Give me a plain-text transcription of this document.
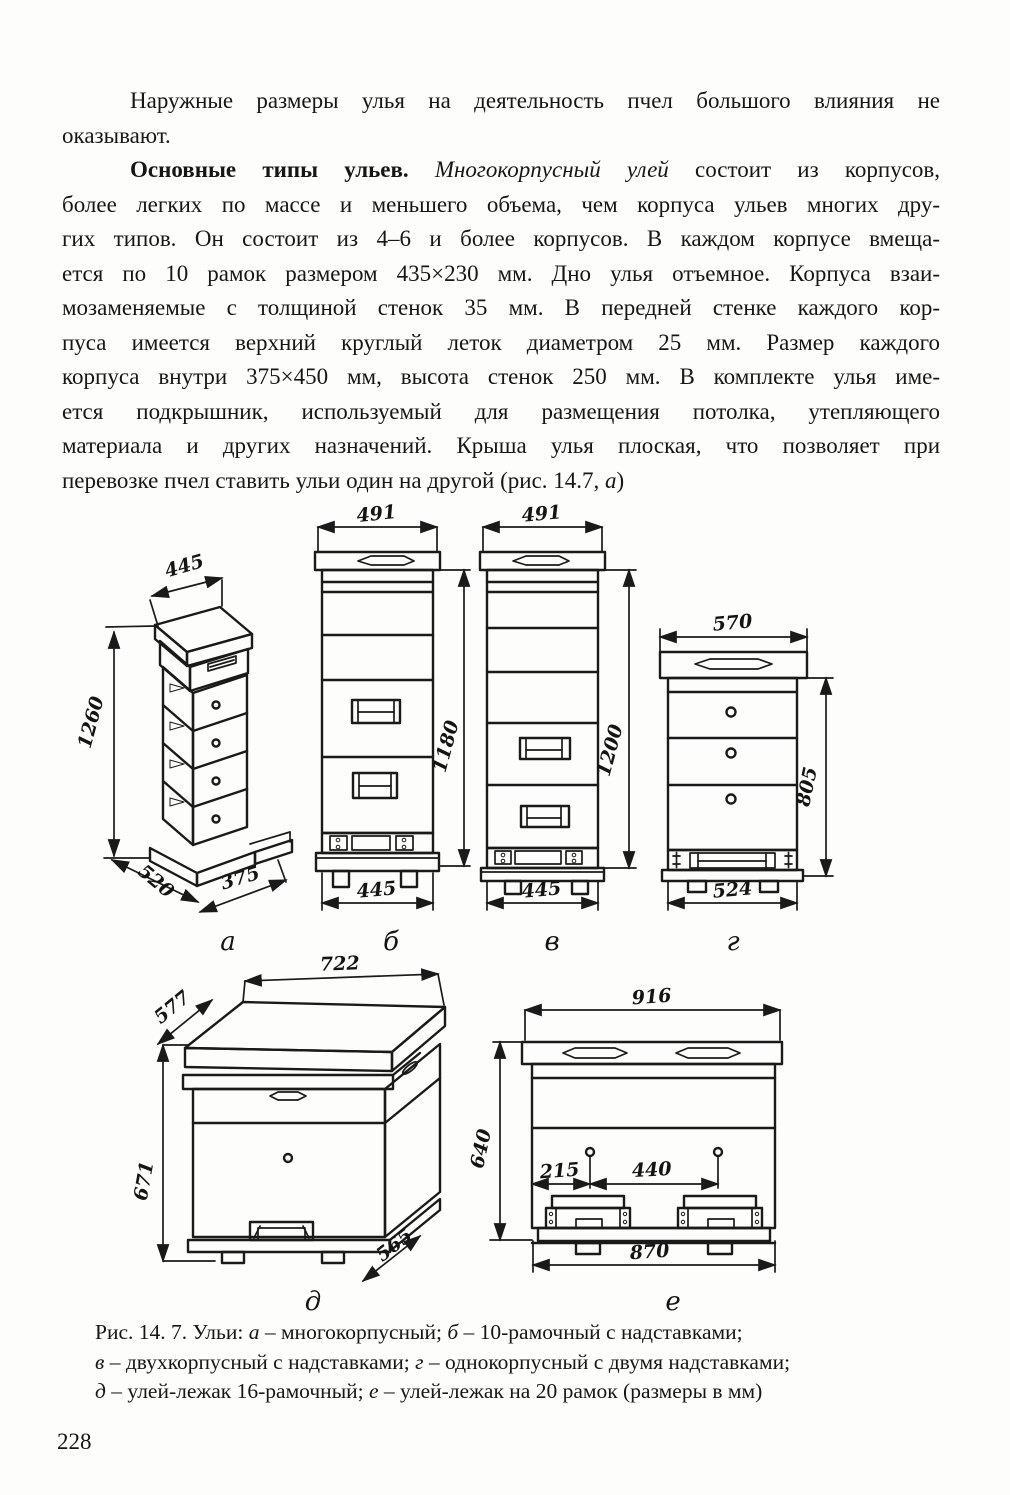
Наружные размеры улья на деятельность пчел большого влияния не
оказывают.
Основные типы ульев. Многокорпусный улей состоит из корпусов,
более легких по массе и меньшего объема, чем корпуса ульев многих дру-
гих типов. Он состоит из 4–6 и более корпусов. В каждом корпусе вмеща-
ется по 10 рамок размером 435×230 мм. Дно улья отъемное. Корпуса взаи-
мозаменяемые с толщиной стенок 35 мм. В передней стенке каждого кор-
пуса имеется верхний круглый леток диаметром 25 мм. Размер каждого
корпуса внутри 375×450 мм, высота стенок 250 мм. В комплекте улья име-
ется подкрышник, используемый для размещения потолка, утепляющего
материала и других назначений. Крыша улья плоская, что позволяет при
перевозке пчел ставить ульи один на другой (рис. 14.7, а)
445
1260
520 375
а
491
1180
445
б
491
1200
445
в
570
805
524
г
722
577
671
565
д
916
215	440
640
870
е
Рис. 14. 7. Ульи: а – многокорпусный; б – 10-рамочный с надставками;
в – двухкорпусный с надставками; г – однокорпусный с двумя надставками;
д – улей-лежак 16-рамочный; е – улей-лежак на 20 рамок (размеры в мм)
228
